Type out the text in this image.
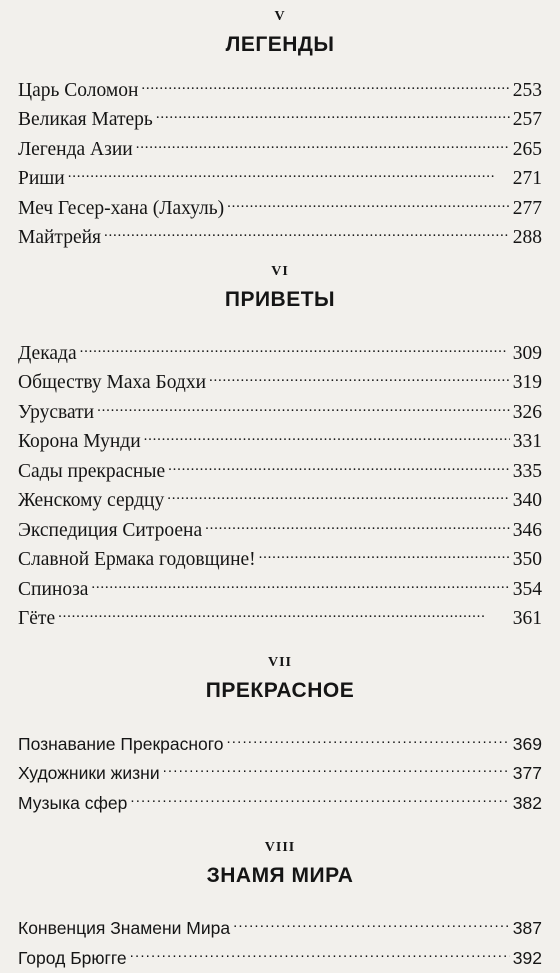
V
ЛЕГЕНДЫ
Царь Соломон . . .	253
Великая Матерь . . .	257
Легенда Азии . . .	265
Риши . . .	271
Меч Гесер-хана (Лахуль) . . .	277
Майтрейя . . .	288
VI
ПРИВЕТЫ
Декада . . .	309
Обществу Маха Бодхи . . .	319
Урусвати . . .	326
Корона Мунди . . .	331
Сады прекрасные . . .	335
Женскому сердцу . . .	340
Экспедиция Ситроена . . .	346
Славной Ермака годовщине! . . .	350
Спиноза . . .	354
Гёте . . .	361
VII
ПРЕКРАСНОЕ
Познавание Прекрасного . . .	369
Художники жизни . . .	377
Музыка сфер . . .	382
VIII
ЗНАМЯ МИРА
Конвенция Знамени Мира . . .	387
Город Брюгге . . .	392
